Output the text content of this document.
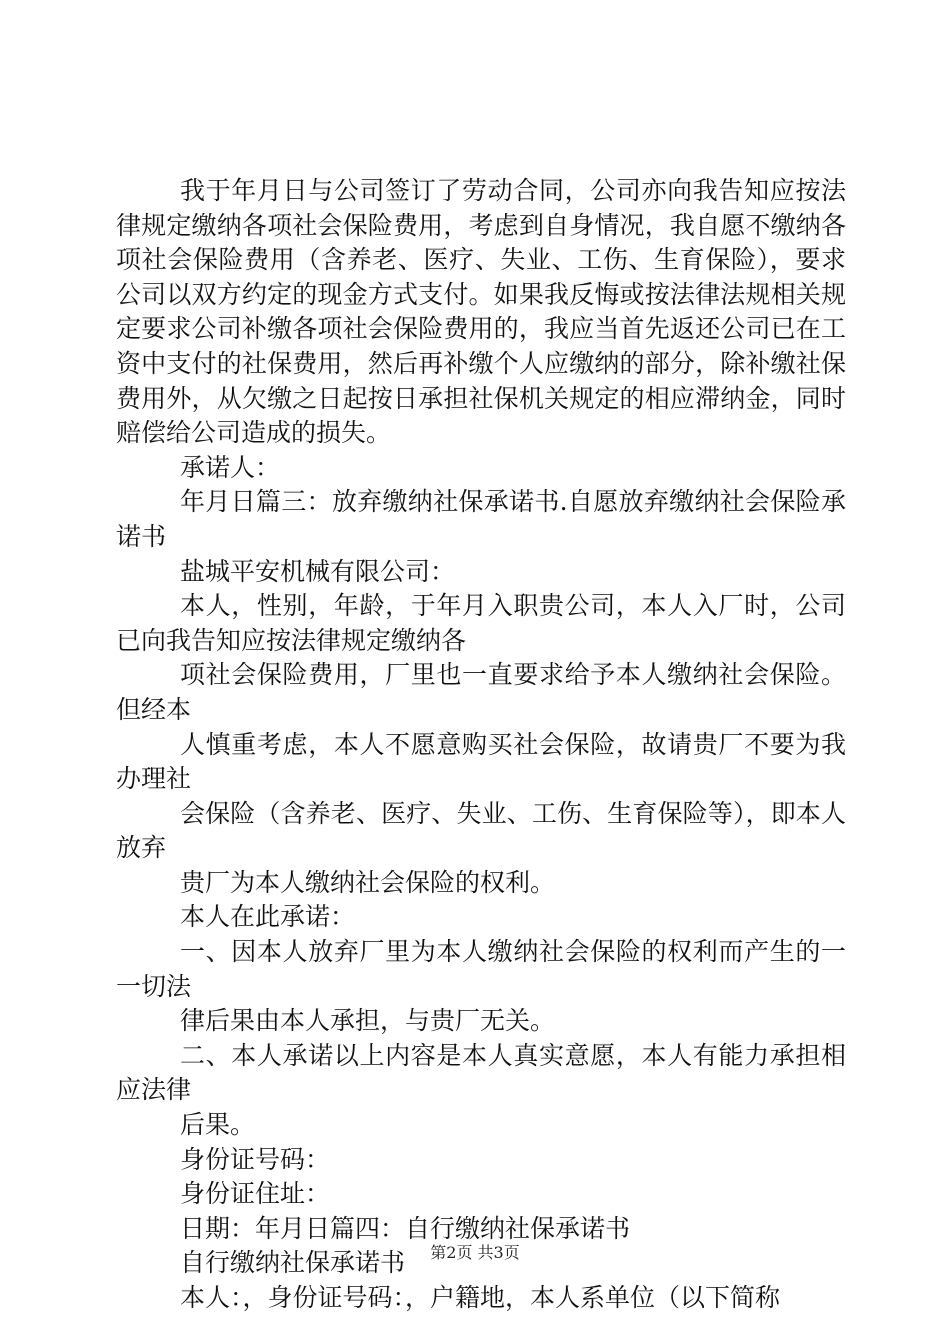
我于年月日与公司签订了劳动合同，公司亦向我告知应按法律规定缴纳各项社会保险费用，考虑到自身情况，我自愿不缴纳各项社会保险费用（含养老、医疗、失业、工伤、生育保险），要求公司以双方约定的现金方式支付。如果我反悔或按法律法规相关规定要求公司补缴各项社会保险费用的，我应当首先返还公司已在工资中支付的社保费用，然后再补缴个人应缴纳的部分，除补缴社保费用外，从欠缴之日起按日承担社保机关规定的相应滞纳金，同时赔偿给公司造成的损失。

承诺人：

年月日篇三：放弃缴纳社保承诺书.自愿放弃缴纳社会保险承诺书

盐城平安机械有限公司：

本人，性别，年龄，于年月入职贵公司，本人入厂时，公司已向我告知应按法律规定缴纳各

项社会保险费用，厂里也一直要求给予本人缴纳社会保险。但经本

人慎重考虑，本人不愿意购买社会保险，故请贵厂不要为我办理社

会保险（含养老、医疗、失业、工伤、生育保险等），即本人放弃

贵厂为本人缴纳社会保险的权利。

本人在此承诺：

一、因本人放弃厂里为本人缴纳社会保险的权利而产生的一一切法

律后果由本人承担，与贵厂无关。

二、本人承诺以上内容是本人真实意愿，本人有能力承担相应法律

后果。

身份证号码：

身份证住址：

日期：年月日篇四：自行缴纳社保承诺书

自行缴纳社保承诺书

本人：，身份证号码：，户籍地，本人系单位（以下简称

第2页 共3页
